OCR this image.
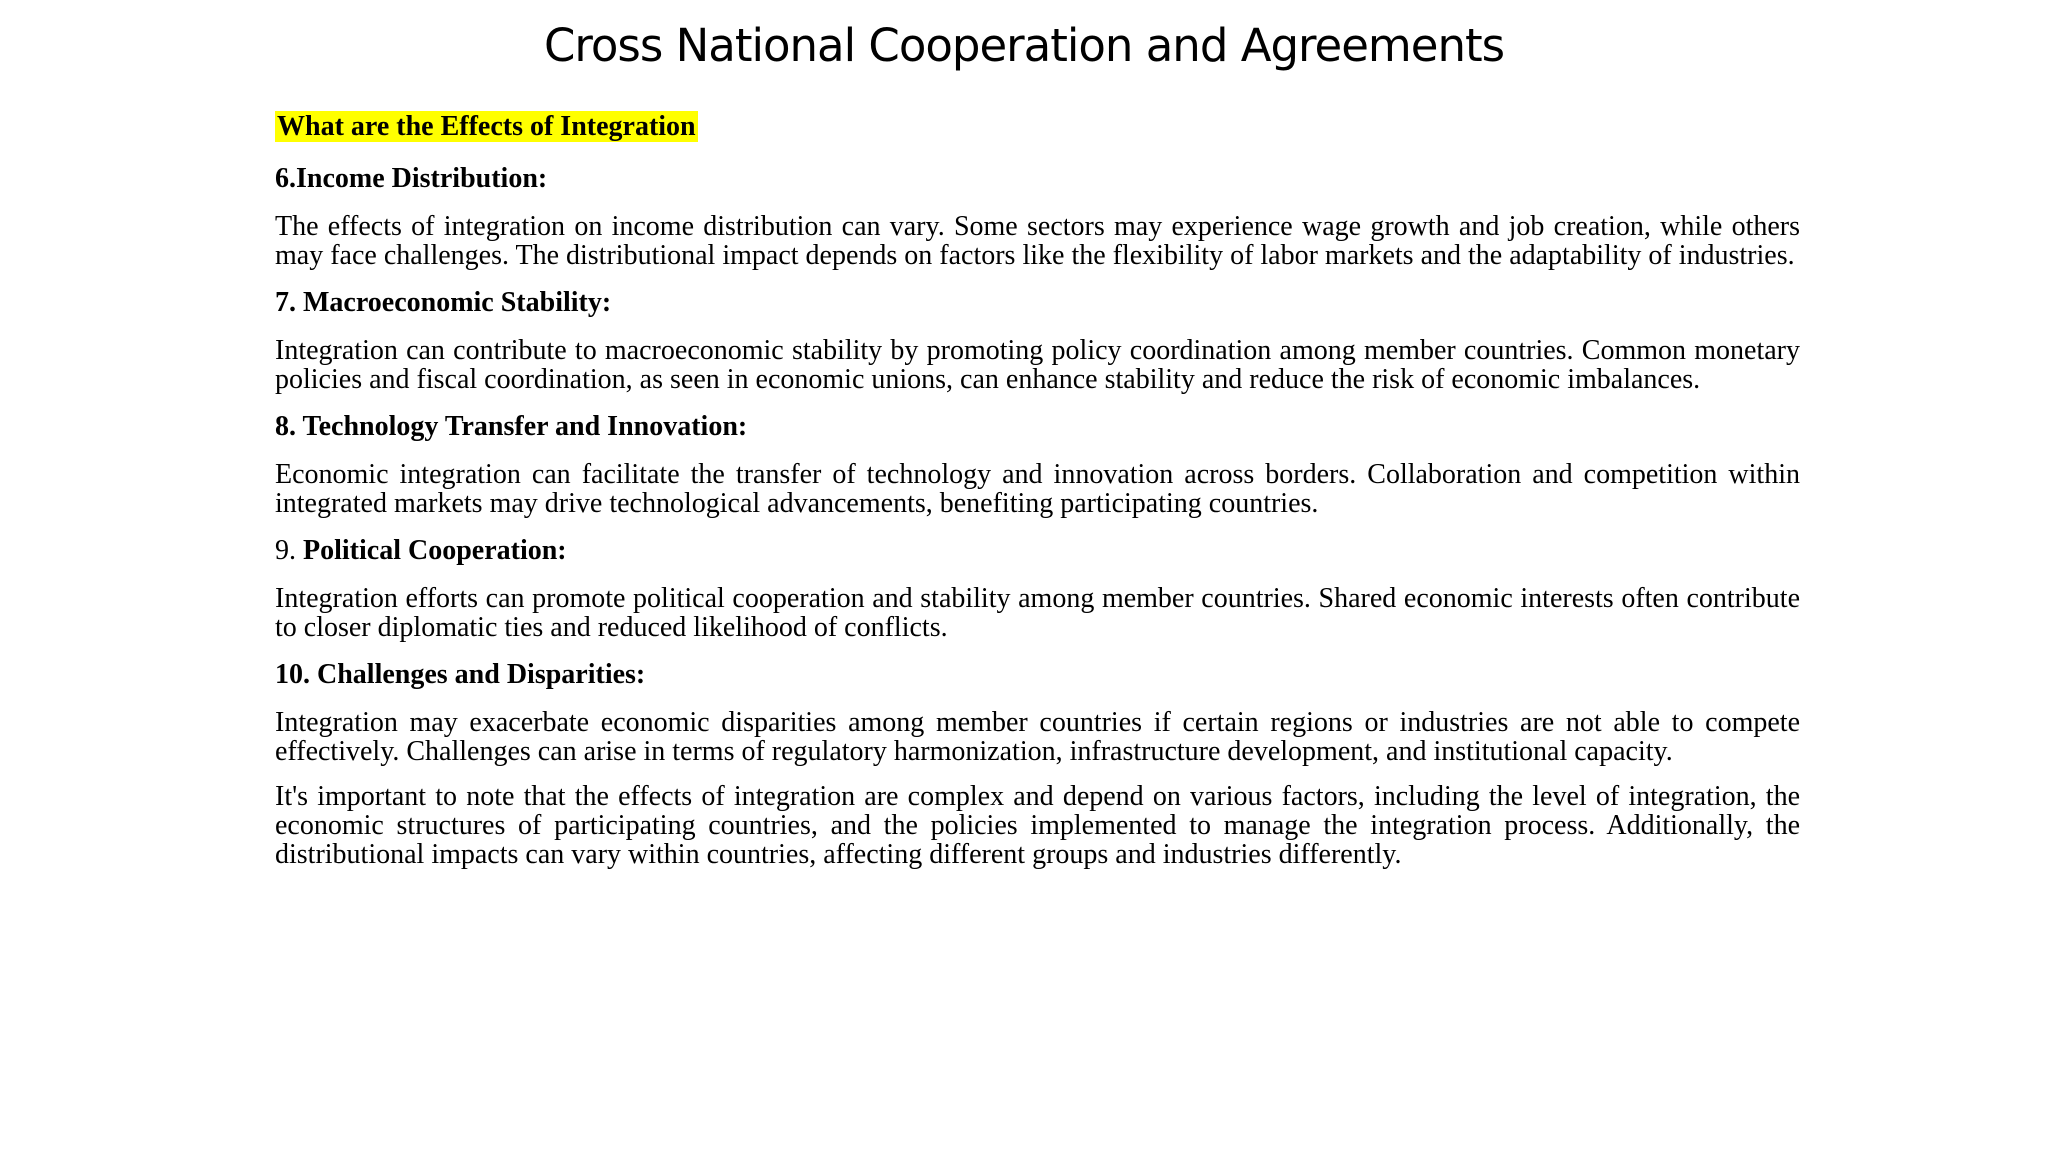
Cross National Cooperation and Agreements

What are the Effects of Integration

6.Income Distribution:

The effects of integration on income distribution can vary. Some sectors may experience wage growth and job creation, while others may face challenges. The distributional impact depends on factors like the flexibility of labor markets and the adaptability of industries.

7. Macroeconomic Stability:

Integration can contribute to macroeconomic stability by promoting policy coordination among member countries. Common monetary policies and fiscal coordination, as seen in economic unions, can enhance stability and reduce the risk of economic imbalances.

8. Technology Transfer and Innovation:

Economic integration can facilitate the transfer of technology and innovation across borders. Collaboration and competition within integrated markets may drive technological advancements, benefiting participating countries.

9. Political Cooperation:

Integration efforts can promote political cooperation and stability among member countries. Shared economic interests often contribute to closer diplomatic ties and reduced likelihood of conflicts.

10. Challenges and Disparities:

Integration may exacerbate economic disparities among member countries if certain regions or industries are not able to compete effectively. Challenges can arise in terms of regulatory harmonization, infrastructure development, and institutional capacity.

It's important to note that the effects of integration are complex and depend on various factors, including the level of integration, the economic structures of participating countries, and the policies implemented to manage the integration process. Additionally, the distributional impacts can vary within countries, affecting different groups and industries differently.
